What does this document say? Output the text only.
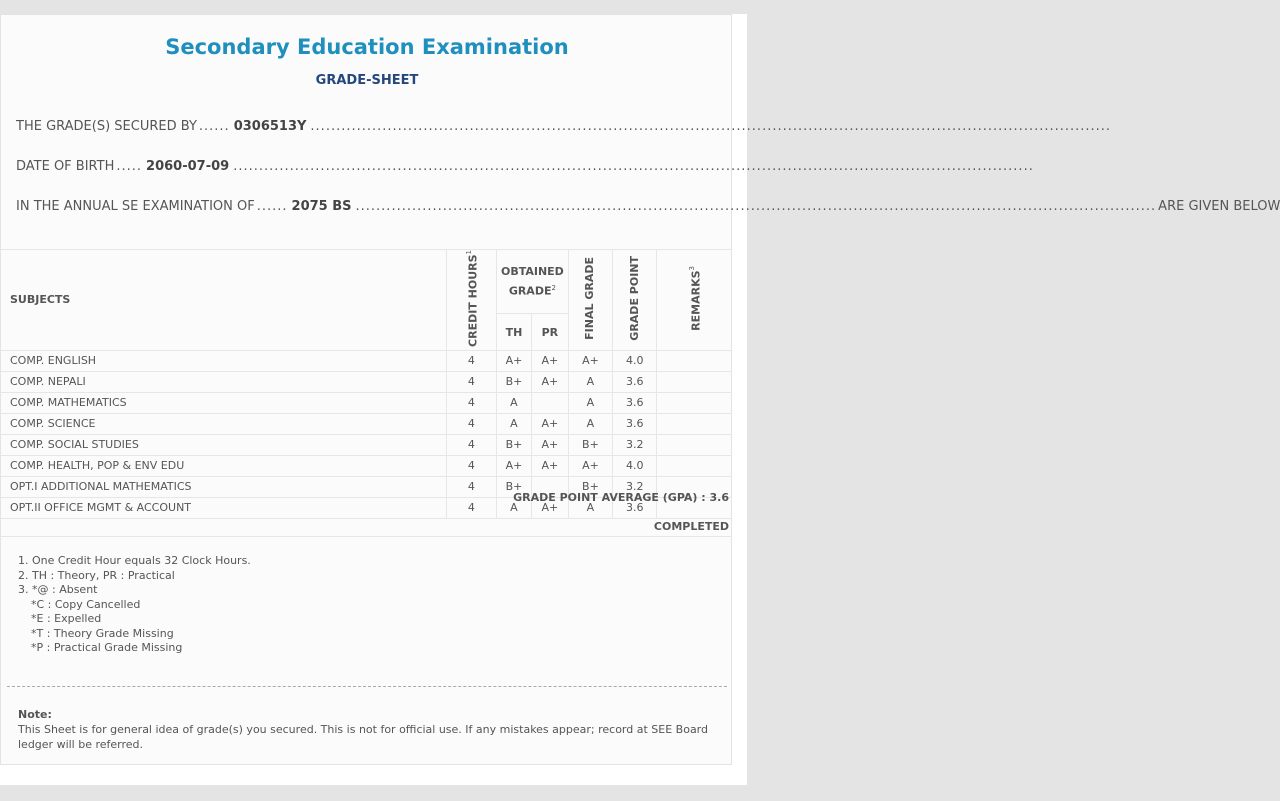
Secondary Education Examination
GRADE-SHEET
THE GRADE(S) SECURED BY ...... 0306513Y ............................................................................................................................................................
DATE OF BIRTH ..... 2060-07-09 ............................................................................................................................................................
IN THE ANNUAL SE EXAMINATION OF ...... 2075 BS ............................................................................................................................................................ ARE GIVEN BELOW
SUBJECTS	CREDIT HOURS$^1$	OBTAINED GRADE$^2$		FINAL GRADE	GRADE POINT	REMARKS$^3$
		TH	PR			
COMP. ENGLISH	4	A+	A+	A+	4.0	
COMP. NEPALI	4	B+	A+	A	3.6	
COMP. MATHEMATICS	4	A		A	3.6	
COMP. SCIENCE	4	A	A+	A	3.6	
COMP. SOCIAL STUDIES	4	B+	A+	B+	3.2	
COMP. HEALTH, POP & ENV EDU	4	A+	A+	A+	4.0	
OPT.I ADDITIONAL MATHEMATICS	4	B+		B+	3.2	
OPT.II OFFICE MGMT & ACCOUNT	4	A	A+	A	3.6	
GRADE POINT AVERAGE (GPA) : 3.6
COMPLETED
1. One Credit Hour equals 32 Clock Hours.
2. TH : Theory, PR : Practical
3. *@ : Absent
*C : Copy Cancelled
*E : Expelled
*T : Theory Grade Missing
*P : Practical Grade Missing
Note:
This Sheet is for general idea of grade(s) you secured. This is not for official use. If any mistakes appear; record at SEE Board ledger will be referred.
